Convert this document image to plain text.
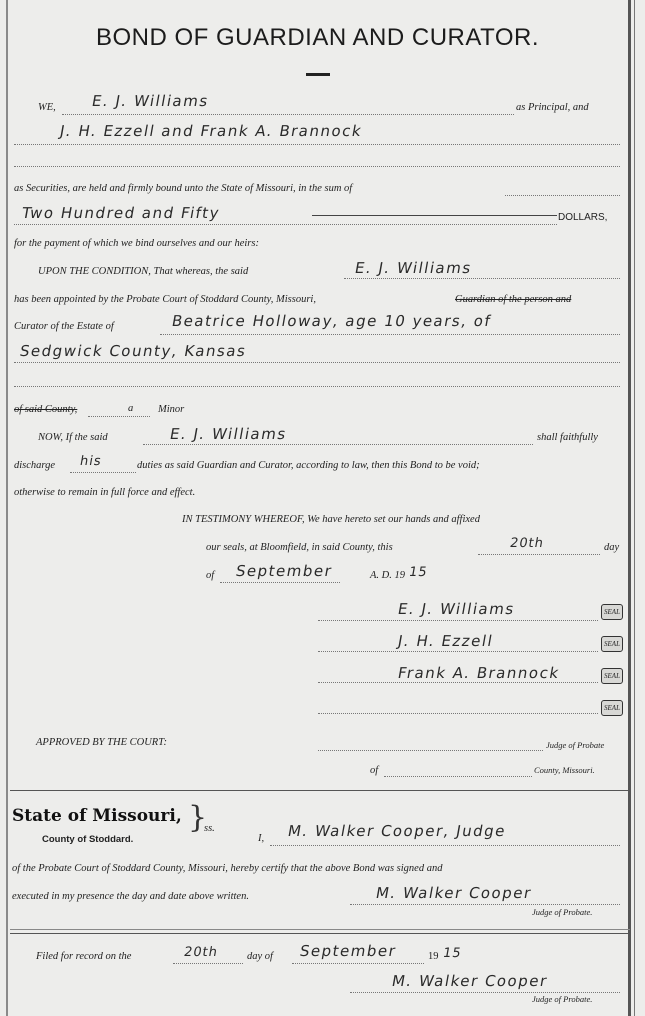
BOND OF GUARDIAN AND CURATOR.
WE, E. J. Williams	as Principal, and
J. H. Ezzell and Frank A. Brannock
as Securities, are held and firmly bound unto the State of Missouri, in the sum of
Two Hundred and Fifty	DOLLARS,
for the payment of which we bind ourselves and our heirs:
UPON THE CONDITION, That whereas, the said	E. J. Williams
has been appointed by the Probate Court of Stoddard County, Missouri,	Guardian of the person and
Curator of the Estate of	Beatrice Holloway, age 10 years, of
Sedgwick County, Kansas
of said County,	a Minor
NOW, If the said	E. J. Williams	shall faithfully
discharge his	duties as said Guardian and Curator, according to law, then this Bond to be void;
otherwise to remain in full force and effect.
IN TESTIMONY WHEREOF, We have hereto set our hands and affixed
our seals, at Bloomfield, in said County, this	20th	day
of September	A. D. 19 15
E. J. Williams	SEAL
J. H. Ezzell	SEAL
Frank A. Brannock	SEAL
SEAL
APPROVED BY THE COURT:	Judge of Probate
of	County, Missouri.
State of Missouri, }
ss.
County of Stoddard.	I, M. Walker Cooper, Judge
of the Probate Court of Stoddard County, Missouri, hereby certify that the above Bond was signed and
executed in my presence the day and date above written.	M. Walker Cooper
Judge of Probate.
Filed for record on the	20th	day of September	19 15
M. Walker Cooper
Judge of Probate.
